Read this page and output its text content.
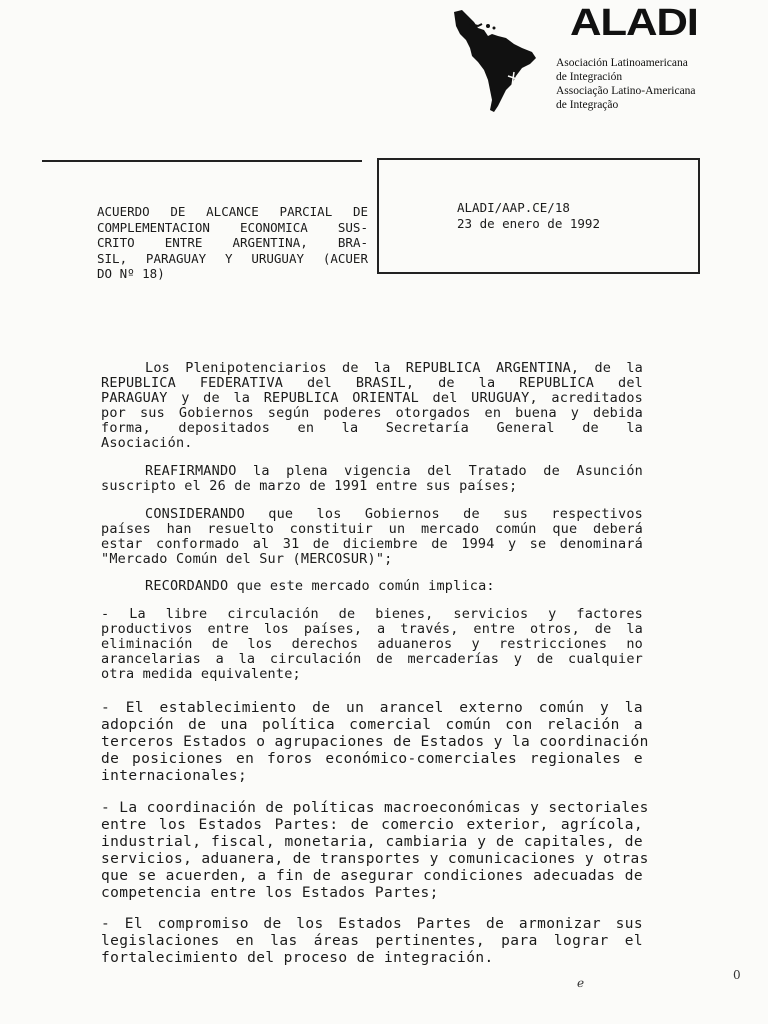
ALADI
Asociación Latinoamericana
de Integración
Associação Latino-Americana
de Integração
ACUERDO DE ALCANCE PARCIAL DE
COMPLEMENTACION ECONOMICA SUS-
CRITO ENTRE ARGENTINA, BRA-
SIL, PARAGUAY Y URUGUAY (ACUER
DO Nº 18)
ALADI/AAP.CE/18
23 de enero de 1992
Los Plenipotenciarios de la REPUBLICA ARGENTINA, de la
REPUBLICA FEDERATIVA del BRASIL, de la REPUBLICA del
PARAGUAY y de la REPUBLICA ORIENTAL del URUGUAY, acreditados
por sus Gobiernos según poderes otorgados en buena y debida
forma, depositados en la Secretaría General de la
Asociación.
REAFIRMANDO la plena vigencia del Tratado de Asunción
suscripto el 26 de marzo de 1991 entre sus países;
CONSIDERANDO que los Gobiernos de sus respectivos
países han resuelto constituir un mercado común que deberá
estar conformado al 31 de diciembre de 1994 y se denominará
"Mercado Común del Sur (MERCOSUR)";
RECORDANDO que este mercado común implica:
- La libre circulación de bienes, servicios y factores
productivos entre los países, a través, entre otros, de la
eliminación de los derechos aduaneros y restricciones no
arancelarias a la circulación de mercaderías y de cualquier
otra medida equivalente;
- El establecimiento de un arancel externo común y la
adopción de una política comercial común con relación a
terceros Estados o agrupaciones de Estados y la coordinación
de posiciones en foros económico-comerciales regionales e
internacionales;
- La coordinación de políticas macroeconómicas y sectoriales
entre los Estados Partes: de comercio exterior, agrícola,
industrial, fiscal, monetaria, cambiaria y de capitales, de
servicios, aduanera, de transportes y comunicaciones y otras
que se acuerden, a fin de asegurar condiciones adecuadas de
competencia entre los Estados Partes;
- El compromiso de los Estados Partes de armonizar sus
legislaciones en las áreas pertinentes, para lograr el
fortalecimiento del proceso de integración.
ℯ
0
